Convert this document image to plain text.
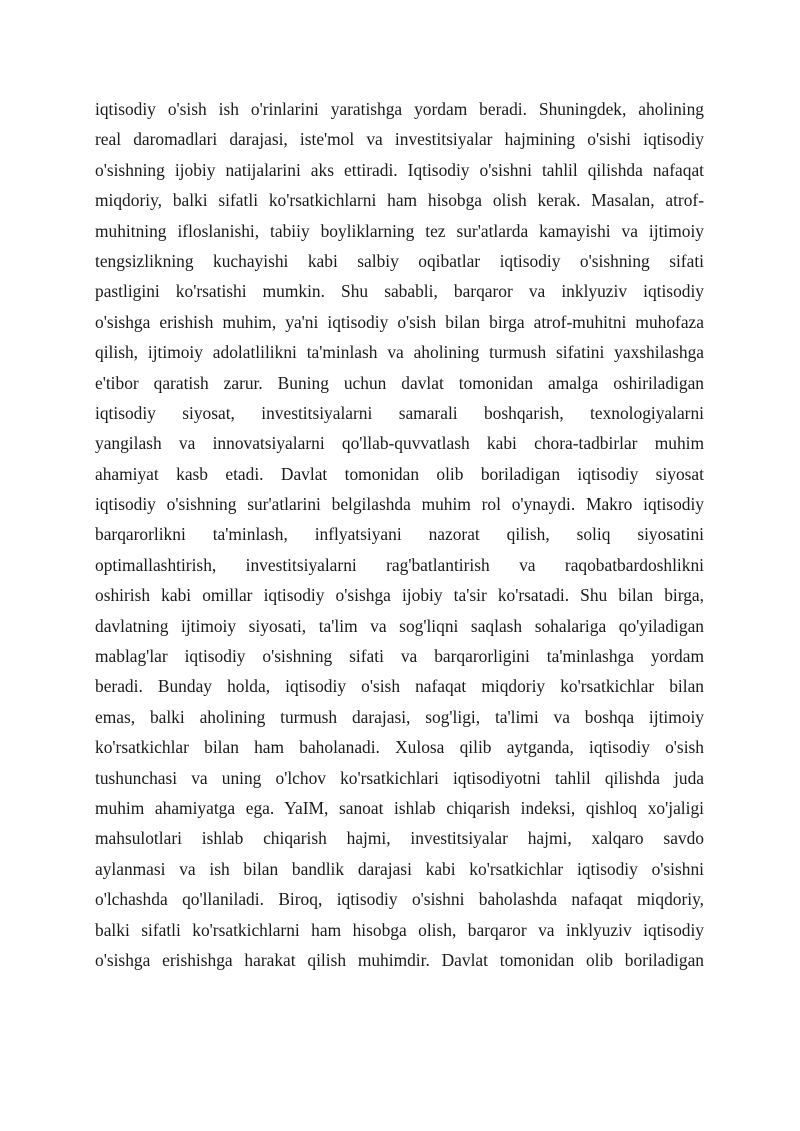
iqtisodiy o'sish ish o'rinlarini yaratishga yordam beradi. Shuningdek, aholining
real daromadlari darajasi, iste'mol va investitsiyalar hajmining o'sishi iqtisodiy
o'sishning ijobiy natijalarini aks ettiradi. Iqtisodiy o'sishni tahlil qilishda nafaqat
miqdoriy, balki sifatli ko'rsatkichlarni ham hisobga olish kerak. Masalan, atrof-
muhitning ifloslanishi, tabiiy boyliklarning tez sur'atlarda kamayishi va ijtimoiy
tengsizlikning kuchayishi kabi salbiy oqibatlar iqtisodiy o'sishning sifati
pastligini ko'rsatishi mumkin. Shu sababli, barqaror va inklyuziv iqtisodiy
o'sishga erishish muhim, ya'ni iqtisodiy o'sish bilan birga atrof-muhitni muhofaza
qilish, ijtimoiy adolatlilikni ta'minlash va aholining turmush sifatini yaxshilashga
e'tibor qaratish zarur. Buning uchun davlat tomonidan amalga oshiriladigan
iqtisodiy siyosat, investitsiyalarni samarali boshqarish, texnologiyalarni
yangilash va innovatsiyalarni qo'llab-quvvatlash kabi chora-tadbirlar muhim
ahamiyat kasb etadi. Davlat tomonidan olib boriladigan iqtisodiy siyosat
iqtisodiy o'sishning sur'atlarini belgilashda muhim rol o'ynaydi. Makro iqtisodiy
barqarorlikni ta'minlash, inflyatsiyani nazorat qilish, soliq siyosatini
optimallashtirish, investitsiyalarni rag'batlantirish va raqobatbardoshlikni
oshirish kabi omillar iqtisodiy o'sishga ijobiy ta'sir ko'rsatadi. Shu bilan birga,
davlatning ijtimoiy siyosati, ta'lim va sog'liqni saqlash sohalariga qo'yiladigan
mablag'lar iqtisodiy o'sishning sifati va barqarorligini ta'minlashga yordam
beradi. Bunday holda, iqtisodiy o'sish nafaqat miqdoriy ko'rsatkichlar bilan
emas, balki aholining turmush darajasi, sog'ligi, ta'limi va boshqa ijtimoiy
ko'rsatkichlar bilan ham baholanadi. Xulosa qilib aytganda, iqtisodiy o'sish
tushunchasi va uning o'lchov ko'rsatkichlari iqtisodiyotni tahlil qilishda juda
muhim ahamiyatga ega. YaIM, sanoat ishlab chiqarish indeksi, qishloq xo'jaligi
mahsulotlari ishlab chiqarish hajmi, investitsiyalar hajmi, xalqaro savdo
aylanmasi va ish bilan bandlik darajasi kabi ko'rsatkichlar iqtisodiy o'sishni
o'lchashda qo'llaniladi. Biroq, iqtisodiy o'sishni baholashda nafaqat miqdoriy,
balki sifatli ko'rsatkichlarni ham hisobga olish, barqaror va inklyuziv iqtisodiy
o'sishga erishishga harakat qilish muhimdir. Davlat tomonidan olib boriladigan
